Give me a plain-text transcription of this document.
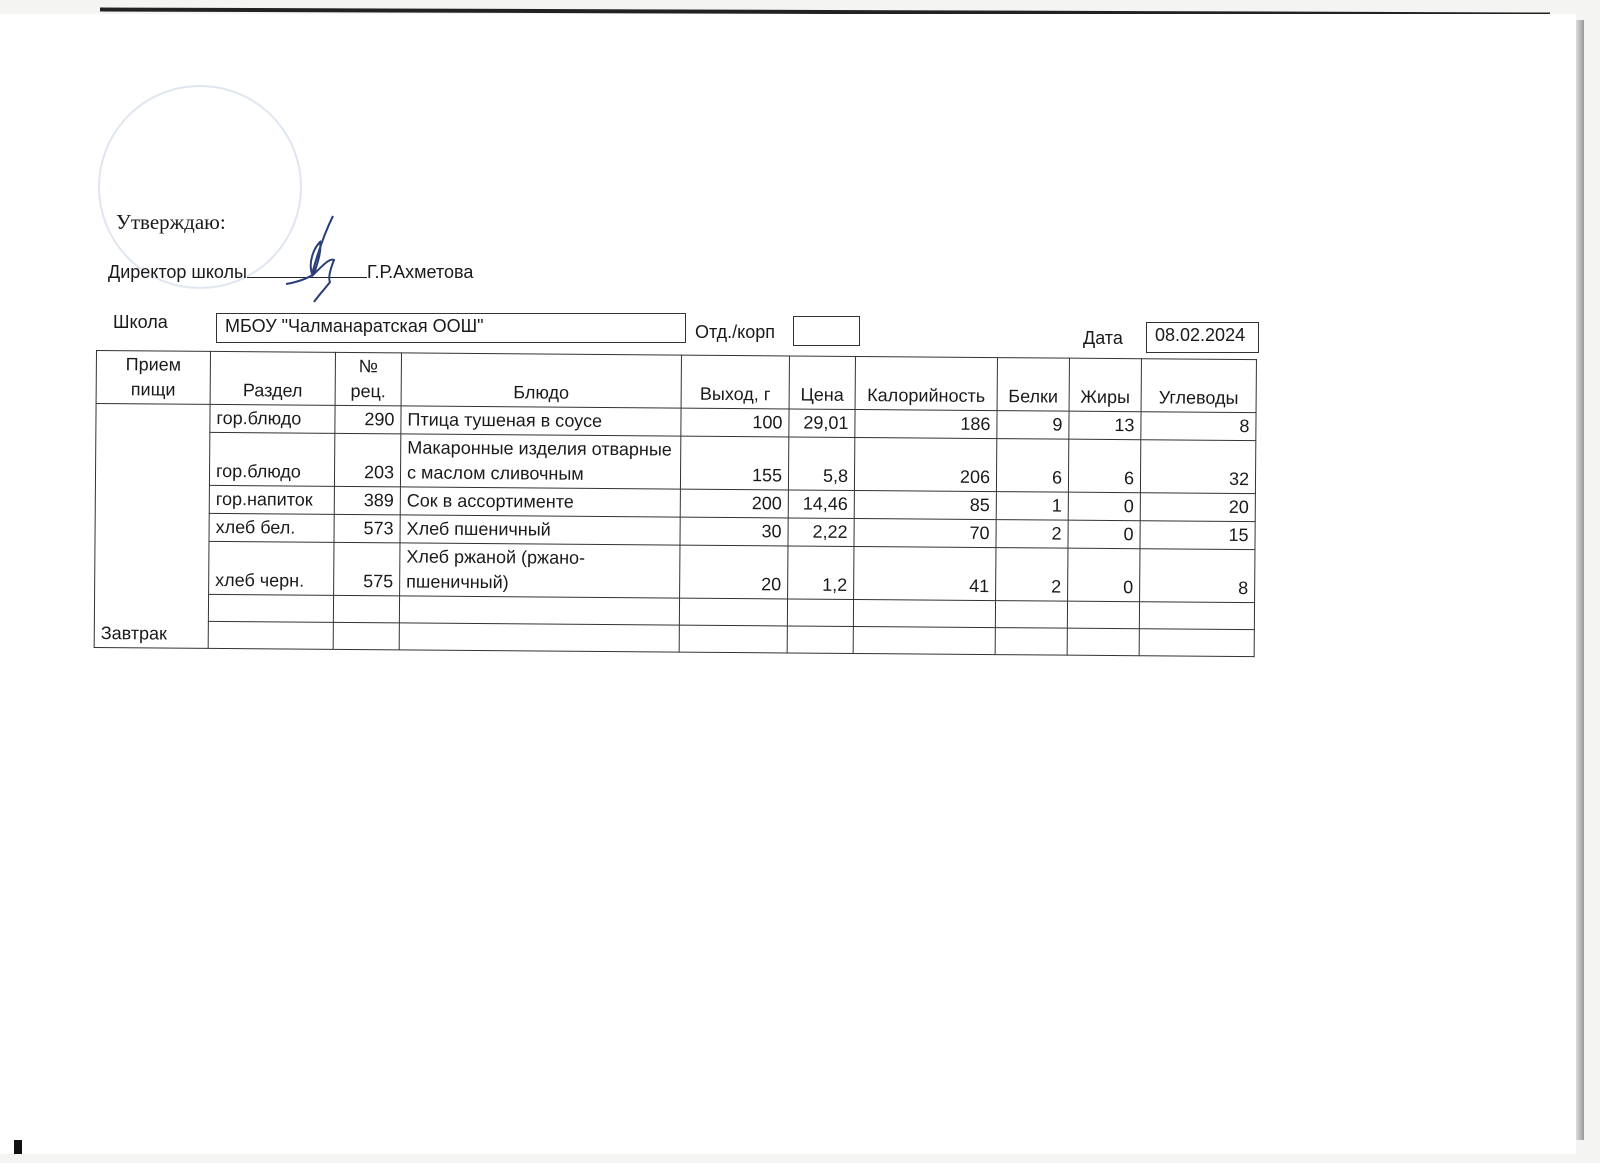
Утверждаю:
Директор школы	Г.Р.Ахметова
Школа	МБОУ "Чалманаратская ООШ"	Отд./корп	Дата	08.02.2024
Прием пищи	Раздел	№ рец.	Блюдо	Выход, г	Цена	Калорийность	Белки	Жиры	Углеводы
Завтрак	гор.блюдо	290	Птица тушеная в соусе	100	29,01	186	9	13	8
	гор.блюдо	203	Макаронные изделия отварные с маслом сливочным	155	5,8	206	6	6	32
	гор.напиток	389	Сок в ассортименте	200	14,46	85	1	0	20
	хлеб бел.	573	Хлеб пшеничный	30	2,22	70	2	0	15
	хлеб черн.	575	Хлеб ржаной (ржано-пшеничный)	20	1,2	41	2	0	8
